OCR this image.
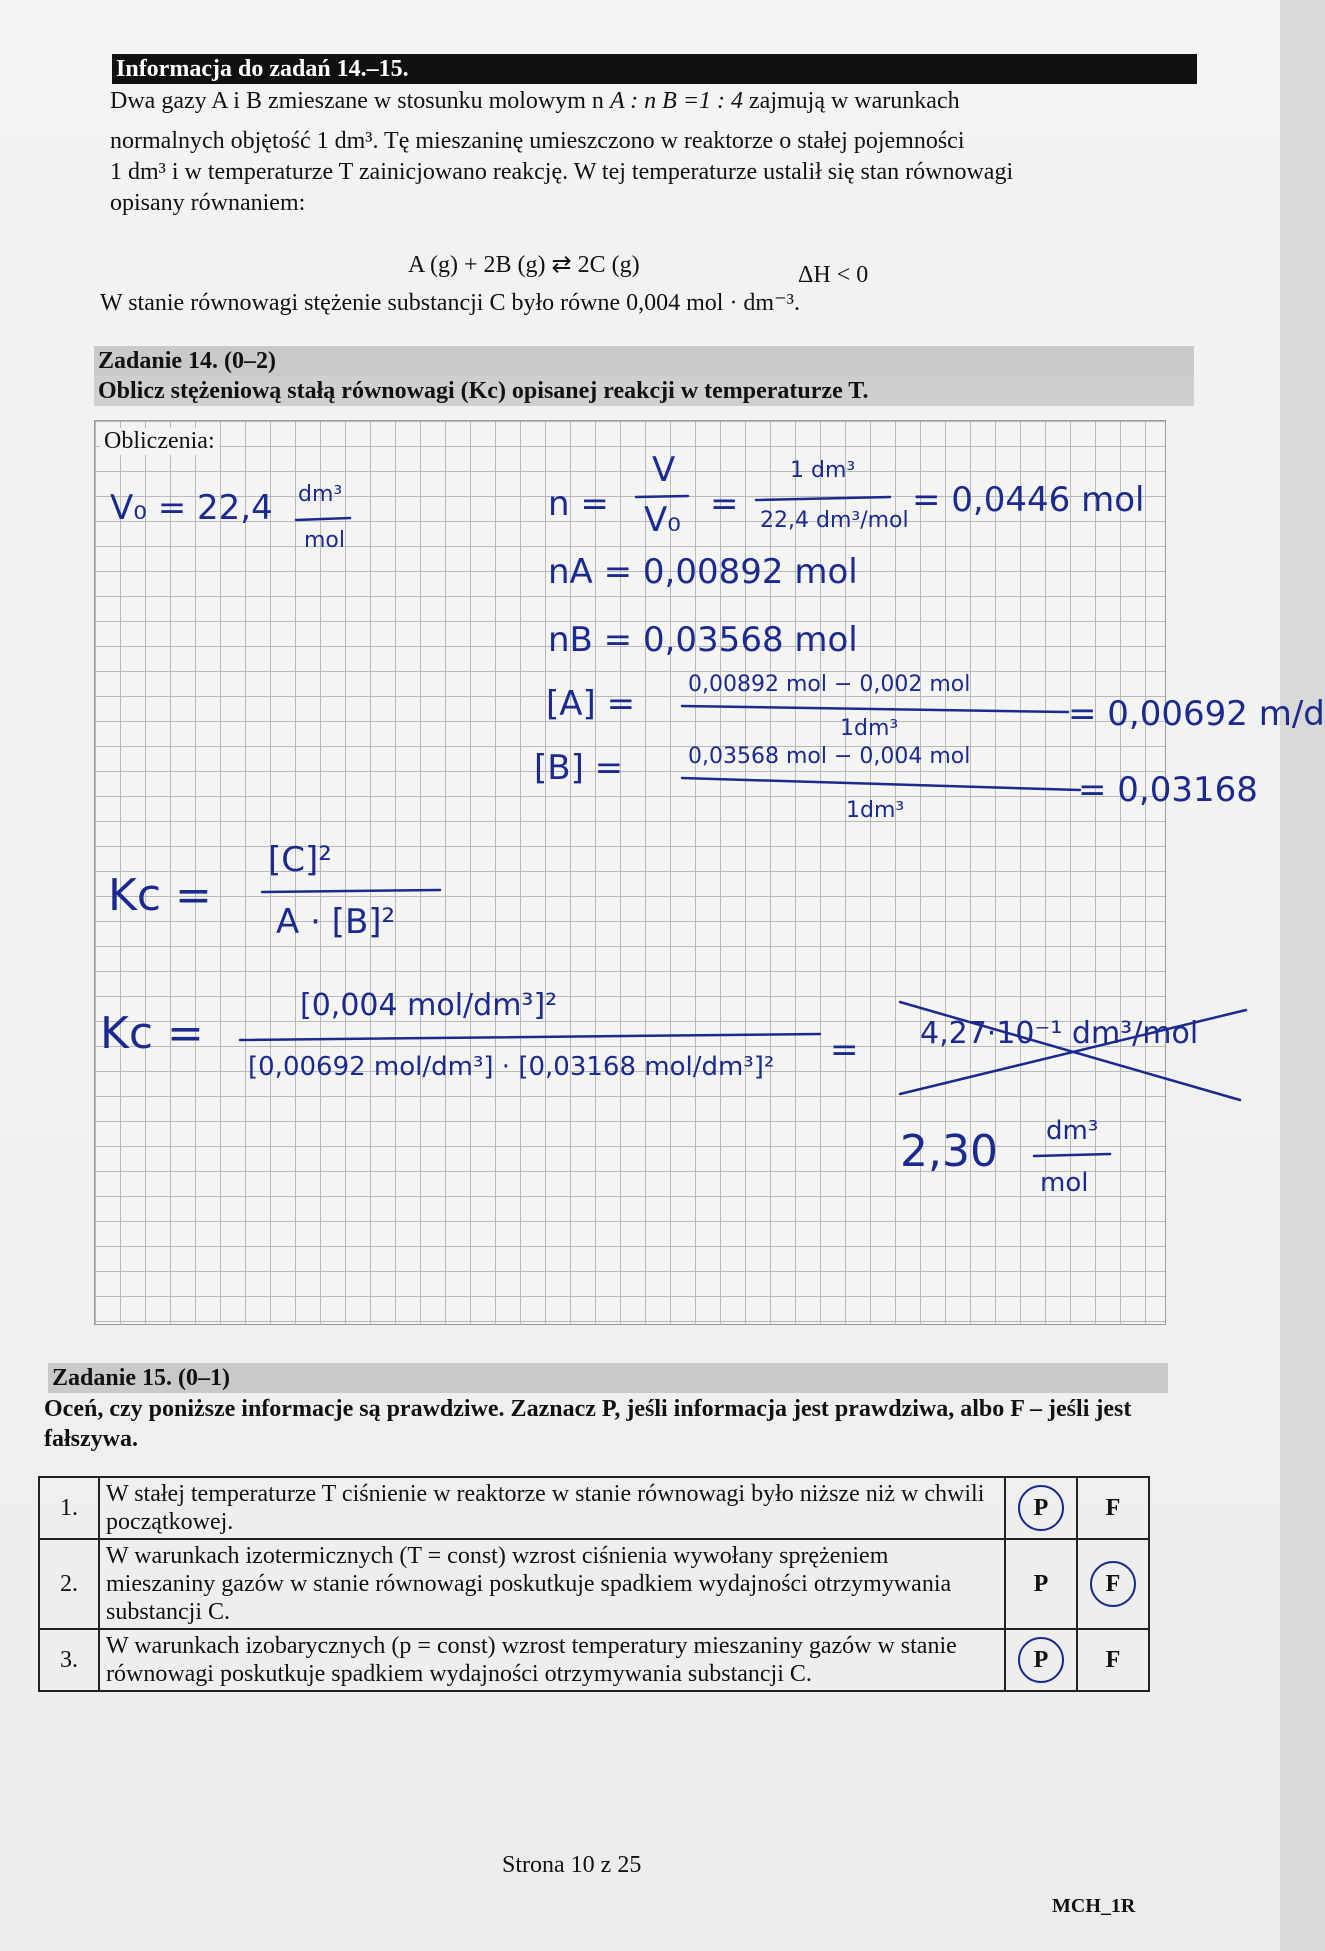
Informacja do zadań 14.–15.

Dwa gazy A i B zmieszane w stosunku molowym n A : n B =1 : 4 zajmują w warunkach

normalnych objętość 1 dm³. Tę mieszaninę umieszczono w reaktorze o stałej pojemności

1 dm³ i w temperaturze T zainicjowano reakcję. W tej temperaturze ustalił się stan równowagi

opisany równaniem:

A (g) + 2B (g) ⇄ 2C (g)	ΔH < 0
W stanie równowagi stężenie substancji C było równe 0,004 mol · dm⁻³.
Zadanie 14. (0–2)
Oblicz stężeniową stałą równowagi (Kc) opisanej reakcji w temperaturze T.
Obliczenia:
V₀ = 22,4 dm³
mol
n =
V
V₀ =
1 dm³
22,4 dm³/mol
= 0,0446 mol
nA = 0,00892 mol
nB = 0,03568 mol
[A] = 0,00892 mol − 0,002 mol
1dm³	= 0,00692 m/d
[B] =	0,03568 mol − 0,004 mol
1dm³
= 0,03168
Kc =
[C]²
A · [B]²
Kc =
[0,004 mol/dm³]²
[0,00692 mol/dm³] · [0,03168 mol/dm³]² = 4,27·10⁻¹ dm³/mol
2,30 dm³
mol
Zadanie 15. (0–1)
Oceń, czy poniższe informacje są prawdziwe. Zaznacz P, jeśli informacja jest prawdziwa, albo F – jeśli jest fałszywa.
1.	W stałej temperaturze T ciśnienie w reaktorze w stanie równowagi było niższe niż w chwili początkowej.	P	F
2.	W warunkach izotermicznych (T = const) wzrost ciśnienia wywołany sprężeniem mieszaniny gazów w stanie równowagi poskutkuje spadkiem wydajności otrzymywania substancji C.	P	F
3.	W warunkach izobarycznych (p = const) wzrost temperatury mieszaniny gazów w stanie równowagi poskutkuje spadkiem wydajności otrzymywania substancji C.	P	F
Strona 10 z 25
MCH_1R
